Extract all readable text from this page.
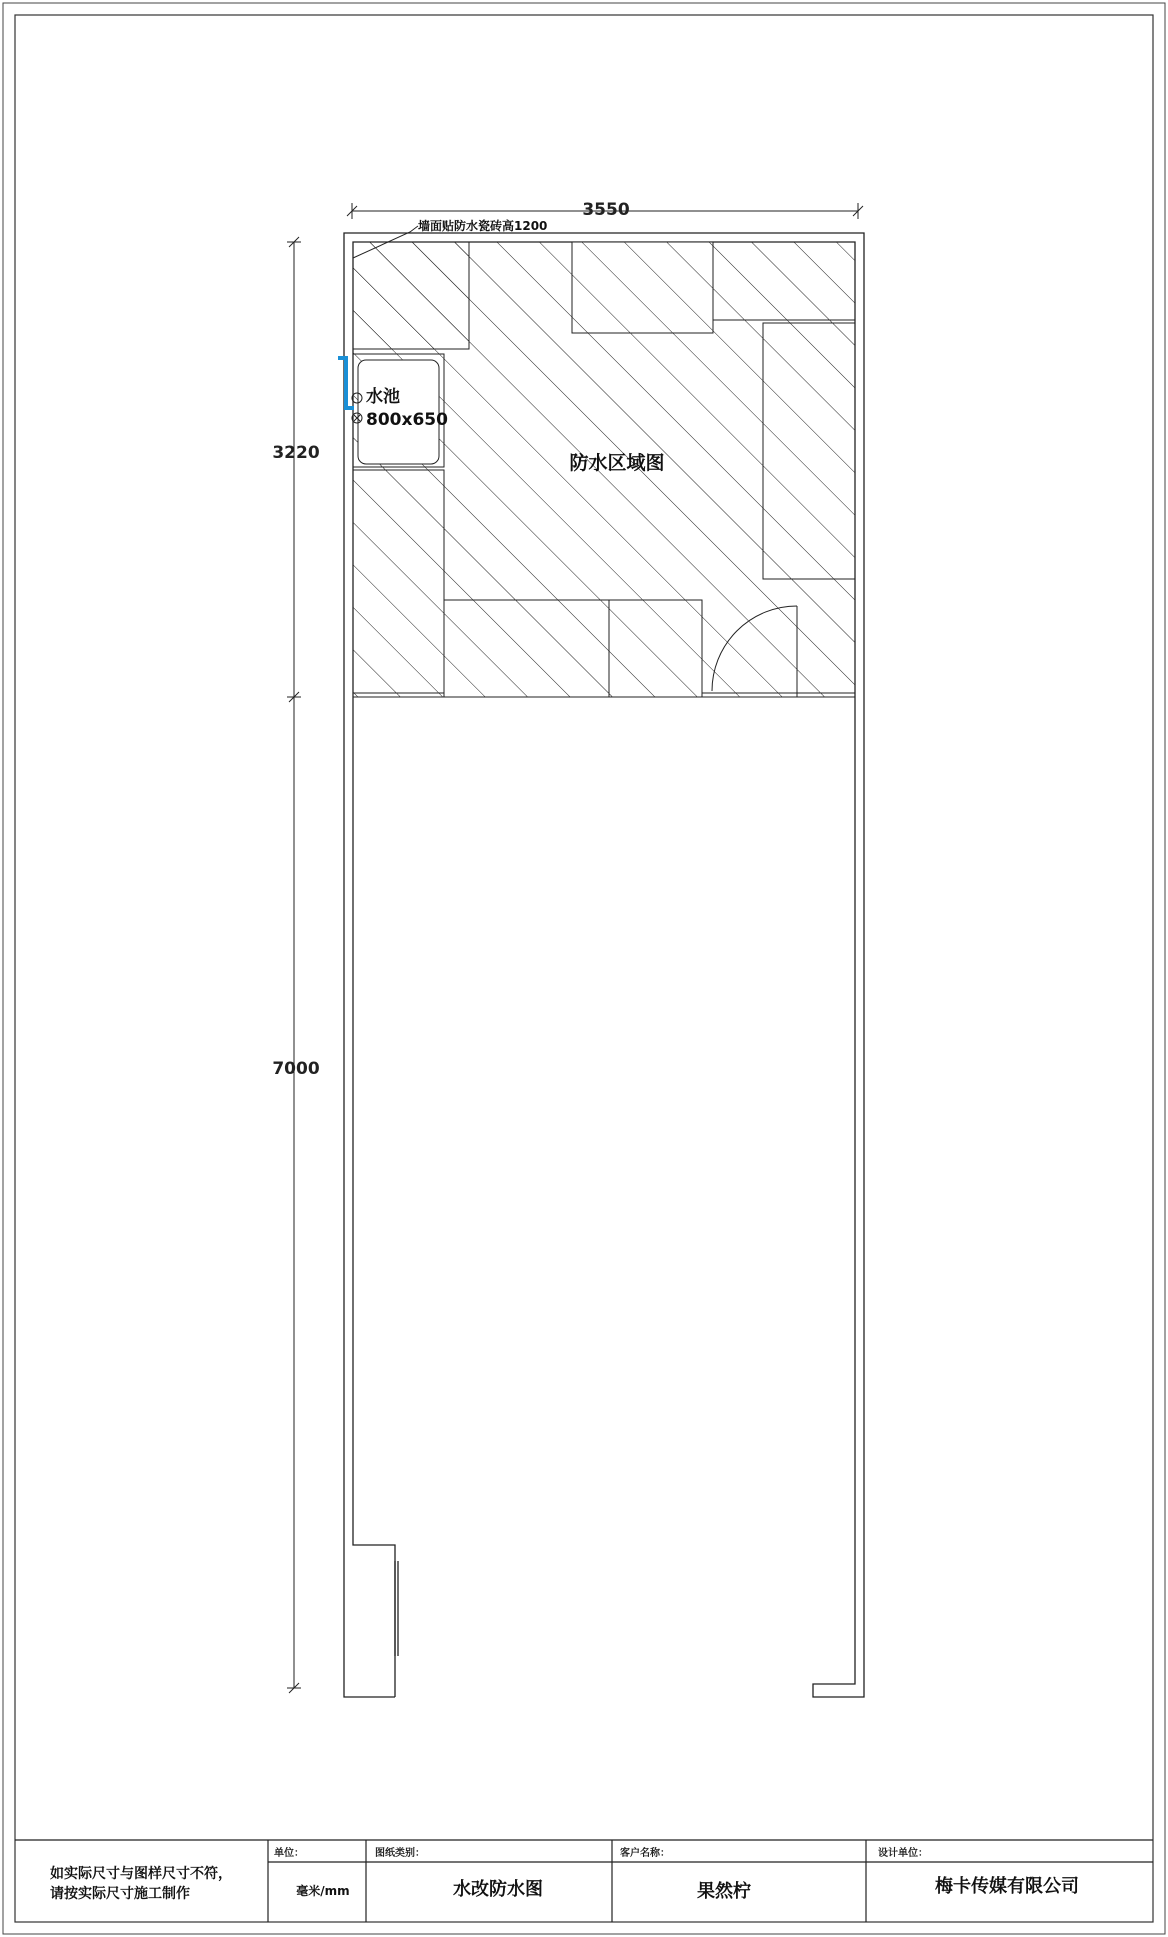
3550
3220
7000
墙面贴防水瓷砖高1200
防水区域图
水池
800x650
如实际尺寸与图样尺寸不符，
请按实际尺寸施工制作
单位：
毫米/mm
图纸类别：
水改防水图
客户名称：
果然柠
设计单位：
梅卡传媒有限公司
